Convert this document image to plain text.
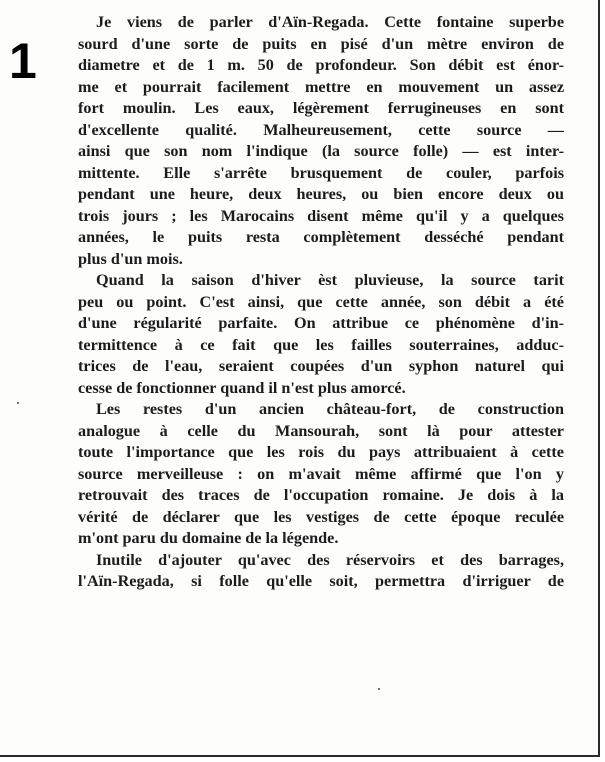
1
Je viens de parler d'Aïn-Regada. Cette fontaine superbe
sourd d'une sorte de puits en pisé d'un mètre environ de
diametre et de 1 m. 50 de profondeur. Son débit est énor-
me et pourrait facilement mettre en mouvement un assez
fort moulin. Les eaux, légèrement ferrugineuses en sont
d'excellente qualité. Malheureusement, cette source —
ainsi que son nom l'indique (la source folle) — est inter-
mittente. Elle s'arrête brusquement de couler, parfois
pendant une heure, deux heures, ou bien encore deux ou
trois jours ; les Marocains disent même qu'il y a quelques
années, le puits resta complètement desséché pendant
plus d'un mois.
Quand la saison d'hiver èst pluvieuse, la source tarit
peu ou point. C'est ainsi, que cette année, son débit a été
d'une régularité parfaite. On attribue ce phénomène d'in-
termittence à ce fait que les failles souterraines, adduc-
trices de l'eau, seraient coupées d'un syphon naturel qui
cesse de fonctionner quand il n'est plus amorcé.
Les restes d'un ancien château-fort, de construction
analogue à celle du Mansourah, sont là pour attester
toute l'importance que les rois du pays attribuaient à cette
source merveilleuse : on m'avait même affirmé que l'on y
retrouvait des traces de l'occupation romaine. Je dois à la
vérité de déclarer que les vestiges de cette époque reculée
m'ont paru du domaine de la légende.
Inutile d'ajouter qu'avec des réservoirs et des barrages,
l'Aïn-Regada, si folle qu'elle soit, permettra d'irriguer de
